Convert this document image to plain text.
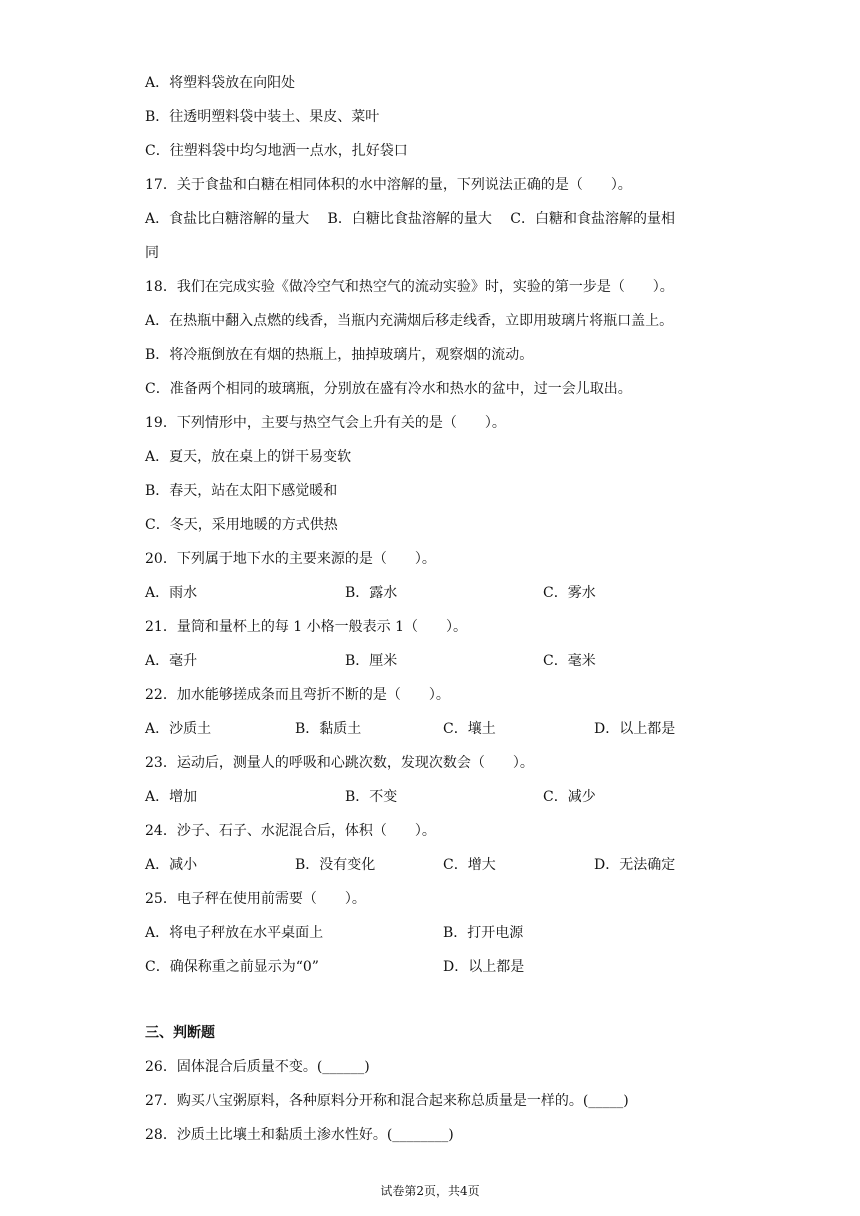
A．将塑料袋放在向阳处
B．往透明塑料袋中装土、果皮、菜叶
C．往塑料袋中均匀地洒一点水，扎好袋口
17．关于食盐和白糖在相同体积的水中溶解的量，下列说法正确的是（　　）。
A．食盐比白糖溶解的量大　 B．白糖比食盐溶解的量大　 C．白糖和食盐溶解的量相
同
18．我们在完成实验《做冷空气和热空气的流动实验》时，实验的第一步是（　　）。
A．在热瓶中翻入点燃的线香，当瓶内充满烟后移走线香，立即用玻璃片将瓶口盖上。
B．将冷瓶倒放在有烟的热瓶上，抽掉玻璃片，观察烟的流动。
C．准备两个相同的玻璃瓶，分别放在盛有冷水和热水的盆中，过一会儿取出。
19．下列情形中，主要与热空气会上升有关的是（　　）。
A．夏天，放在桌上的饼干易变软
B．春天，站在太阳下感觉暖和
C．冬天，采用地暖的方式供热
20．下列属于地下水的主要来源的是（　　）。
A．雨水	B．露水	C．雾水
21．量筒和量杯上的每 1 小格一般表示 1（　　）。
A．毫升	B．厘米	C．毫米
22．加水能够搓成条而且弯折不断的是（　　）。
A．沙质土	B．黏质土	C．壤土	D．以上都是
23．运动后，测量人的呼吸和心跳次数，发现次数会（　　）。
A．增加	B．不变	C．减少
24．沙子、石子、水泥混合后，体积（　　）。
A．减小	B．没有变化	C．增大	D．无法确定
25．电子秤在使用前需要（　　）。
A．将电子秤放在水平桌面上	B．打开电源
C．确保称重之前显示为“0”	D．以上都是
三、判断题
26．固体混合后质量不变。(______)
27．购买八宝粥原料，各种原料分开称和混合起来称总质量是一样的。(_____)
28．沙质土比壤土和黏质土渗水性好。(________)
试卷第2页，共4页
